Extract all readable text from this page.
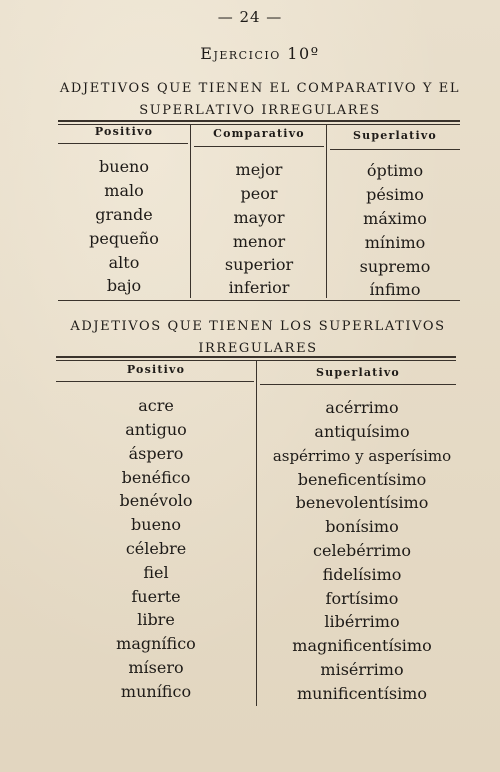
— 24 —
Ejercicio 10º
ADJETIVOS QUE TIENEN EL COMPARATIVO Y EL SUPERLATIVO IRREGULARES
Positivo	Comparativo	Superlativo
bueno	mejor	óptimo
malo	peor	pésimo
grande	mayor	máximo
pequeño	menor	mínimo
alto	superior	supremo
bajo	inferior	ínfimo
ADJETIVOS QUE TIENEN LOS SUPERLATIVOS IRREGULARES
Positivo	Superlativo
acre	acérrimo
antiguo	antiquísimo
áspero	aspérrimo y asperísimo
benéfico	beneficentísimo
benévolo	benevolentísimo
bueno	bonísimo
célebre	celebérrimo
fiel	fidelísimo
fuerte	fortísimo
libre	libérrimo
magnífico	magnificentísimo
mísero	misérrimo
munífico	munificentísimo
